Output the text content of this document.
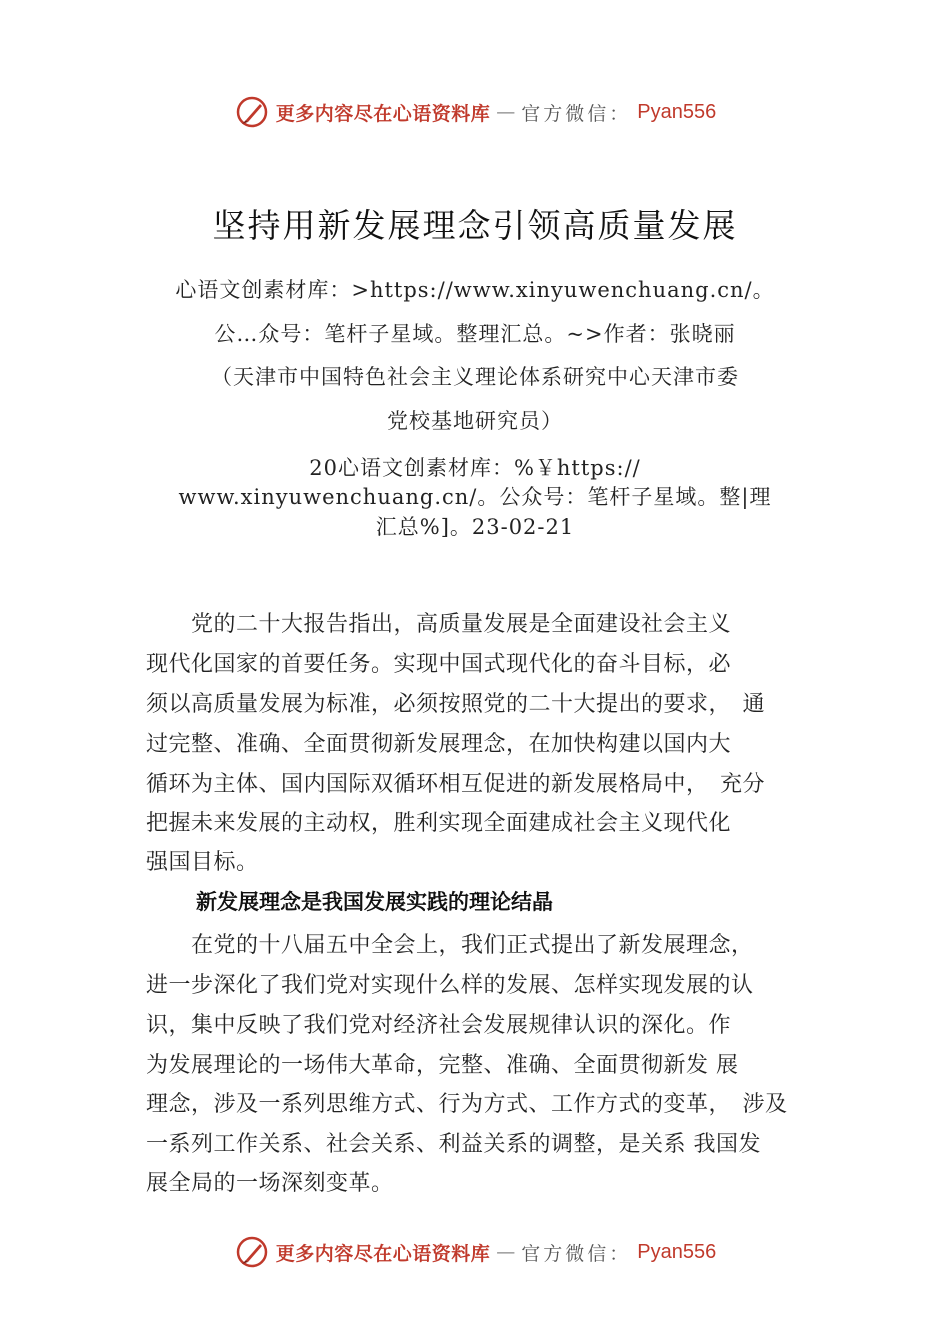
更多内容尽在心语资料库 — 官方微信： Pyan556
坚持用新发展理念引领高质量发展
心语文创素材库：>https://www.xinyuwenchuang.cn/。
公…众号：笔杆子星域。整理汇总。~>作者：张晓丽
（天津市中国特色社会主义理论体系研究中心天津市委
党校基地研究员）
20心语文创素材库：%￥https://
www.xinyuwenchuang.cn/。公众号：笔杆子星域。整|理
汇总%]。23-02-21
　　党的二十大报告指出，高质量发展是全面建设社会主义
现代化国家的首要任务。实现中国式现代化的奋斗目标，必
须以高质量发展为标准，必须按照党的二十大提出的要求，　通
过完整、准确、全面贯彻新发展理念，在加快构建以国内大
循环为主体、国内国际双循环相互促进的新发展格局中，　充分
把握未来发展的主动权，胜利实现全面建成社会主义现代化
强国目标。
新发展理念是我国发展实践的理论结晶
　　在党的十八届五中全会上，我们正式提出了新发展理念，
进一步深化了我们党对实现什么样的发展、怎样实现发展的认
识，集中反映了我们党对经济社会发展规律认识的深化。作
为发展理论的一场伟大革命，完整、准确、全面贯彻新发 展
理念，涉及一系列思维方式、行为方式、工作方式的变革，　涉及
一系列工作关系、社会关系、利益关系的调整，是关系 我国发
展全局的一场深刻变革。
更多内容尽在心语资料库 — 官方微信： Pyan556
